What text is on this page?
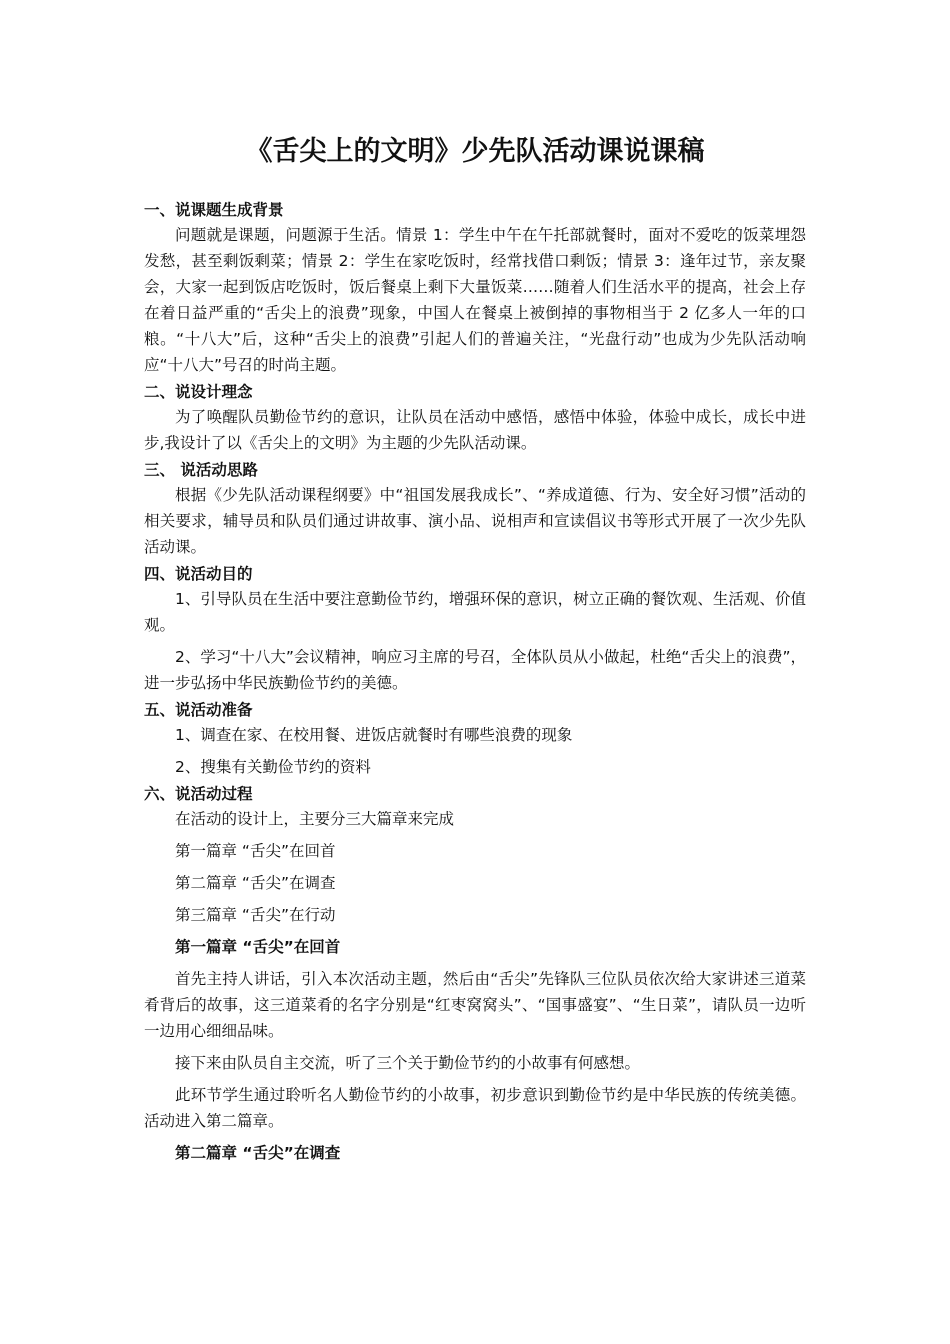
《舌尖上的文明》少先队活动课说课稿

一、说课题生成背景

问题就是课题，问题源于生活。情景 1：学生中午在午托部就餐时，面对不爱吃的饭菜埋怨发愁，甚至剩饭剩菜；情景 2：学生在家吃饭时，经常找借口剩饭；情景 3：逢年过节，亲友聚会，大家一起到饭店吃饭时，饭后餐桌上剩下大量饭菜……随着人们生活水平的提高，社会上存在着日益严重的“舌尖上的浪费”现象，中国人在餐桌上被倒掉的事物相当于 2 亿多人一年的口粮。“十八大”后，这种“舌尖上的浪费”引起人们的普遍关注，“光盘行动”也成为少先队活动响应“十八大”号召的时尚主题。

二、说设计理念

为了唤醒队员勤俭节约的意识，让队员在活动中感悟，感悟中体验，体验中成长，成长中进步,我设计了以《舌尖上的文明》为主题的少先队活动课。

三、 说活动思路

根据《少先队活动课程纲要》中“祖国发展我成长”、“养成道德、行为、安全好习惯”活动的相关要求，辅导员和队员们通过讲故事、演小品、说相声和宣读倡议书等形式开展了一次少先队活动课。

四、说活动目的

1、引导队员在生活中要注意勤俭节约，增强环保的意识，树立正确的餐饮观、生活观、价值观。

2、学习“十八大”会议精神，响应习主席的号召，全体队员从小做起，杜绝“舌尖上的浪费”，进一步弘扬中华民族勤俭节约的美德。

五、说活动准备

1、调查在家、在校用餐、进饭店就餐时有哪些浪费的现象

2、搜集有关勤俭节约的资料

六、说活动过程

在活动的设计上，主要分三大篇章来完成

第一篇章 “舌尖”在回首

第二篇章 “舌尖”在调查

第三篇章 “舌尖”在行动

第一篇章 “舌尖”在回首

首先主持人讲话，引入本次活动主题，然后由“舌尖”先锋队三位队员依次给大家讲述三道菜肴背后的故事，这三道菜肴的名字分别是“红枣窝窝头”、“国事盛宴”、“生日菜”，请队员一边听一边用心细细品味。

接下来由队员自主交流，听了三个关于勤俭节约的小故事有何感想。

此环节学生通过聆听名人勤俭节约的小故事，初步意识到勤俭节约是中华民族的传统美德。活动进入第二篇章。

第二篇章 “舌尖”在调查
